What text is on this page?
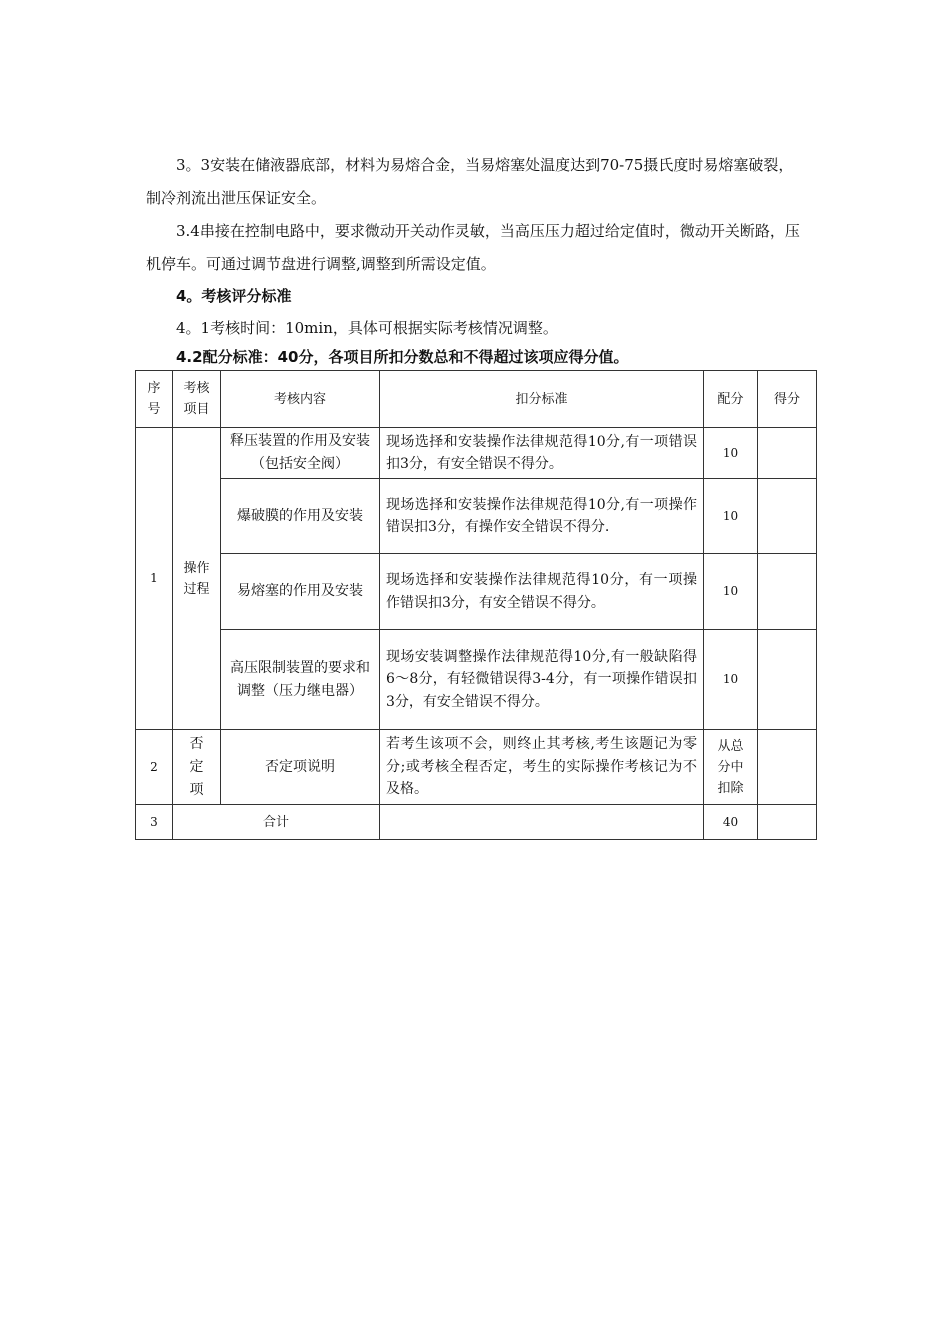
3。3安装在储液器底部，材料为易熔合金，当易熔塞处温度达到70-75摄氏度时易熔塞破裂，制冷剂流出泄压保证安全。

3.4串接在控制电路中，要求微动开关动作灵敏，当高压压力超过给定值时，微动开关断路，压机停车。可通过调节盘进行调整,调整到所需设定值。

4。考核评分标准

4。1考核时间：10min，具体可根据实际考核情况调整。

4.2配分标准：40分，各项目所扣分数总和不得超过该项应得分值。

序号	考核项目	考核内容	扣分标准	配分	得分
1	操作过程	释压装置的作用及安装（包括安全阀）	现场选择和安装操作法律规范得10分,有一项错误扣3分，有安全错误不得分。	10	
		爆破膜的作用及安装	现场选择和安装操作法律规范得10分,有一项操作错误扣3分，有操作安全错误不得分.	10	
		易熔塞的作用及安装	现场选择和安装操作法律规范得10分，有一项操作错误扣3分，有安全错误不得分。	10	
		高压限制装置的要求和调整（压力继电器）	现场安装调整操作法律规范得10分,有一般缺陷得6～8分，有轻微错误得3-4分，有一项操作错误扣3分，有安全错误不得分。	10	
2	否定项	否定项说明	若考生该项不会，则终止其考核,考生该题记为零分;或考核全程否定，考生的实际操作考核记为不及格。	从总分中扣除	
3	合计			40	
